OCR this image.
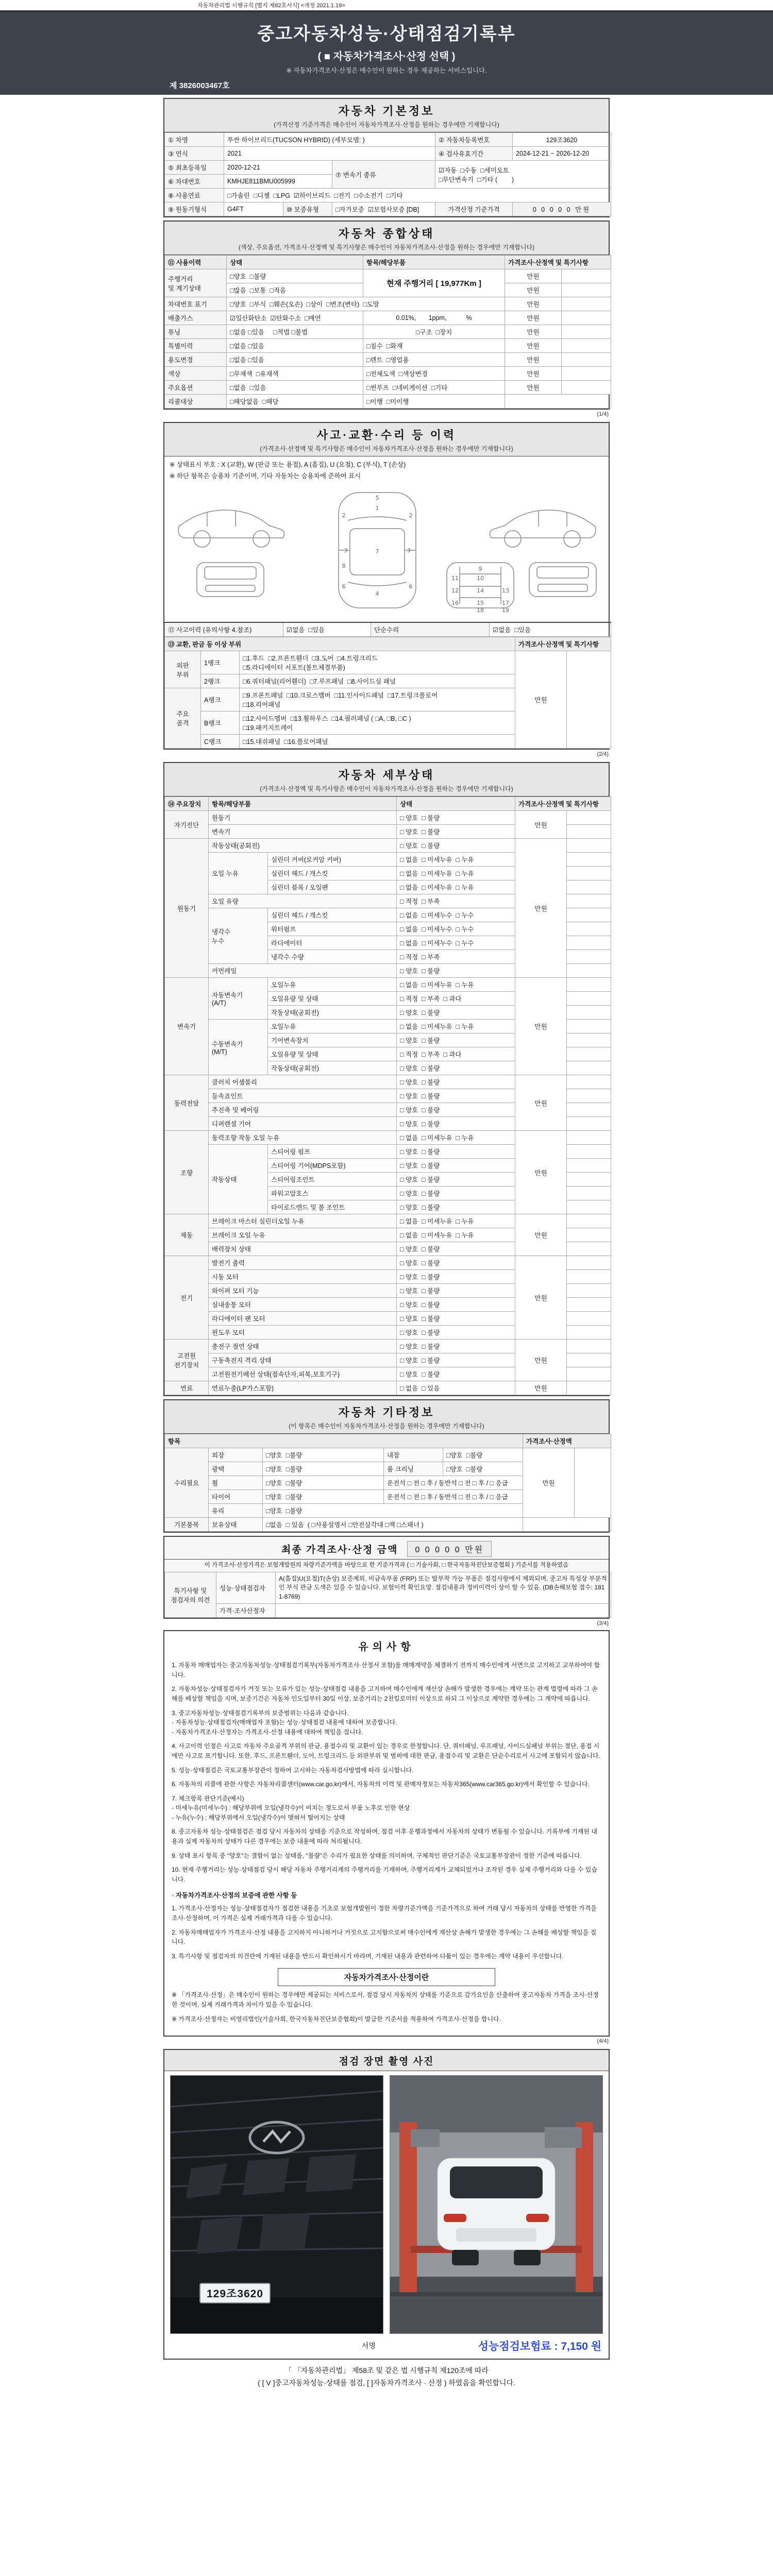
자동차관리법 시행규칙 [별지 제82호서식] <개정 2021.1.19>
중고자동차성능·상태점검기록부
( ■ 자동차가격조사·산정 선택 )
※ 자동차가격조사·산정은 매수인이 원하는 경우 제공하는 서비스입니다.
제 3826003467호
자동차 기본정보
(가격산정 기준가격은 매수인이 자동차가격조사·산정을 원하는 경우에만 기재합니다)
① 차명	투싼 하이브리드(TUCSON HYBRID) (세부모델: )			② 자동차등록번호	129조3620
③ 연식	2021			④ 검사유효기간	2024-12-21 ~ 2026-12-20
⑤ 최초등록일	2020-12-21		⑦ 변속기 종류	☑자동  □수동  □세미오토
□무단변속기  □기타 (        )	
⑥ 차대번호	KMHJE811BMU005999				
⑧ 사용연료	□가솔린  □디젤  □LPG  ☑하이브리드  □전기  □수소전기  □기타				
⑨ 원동기형식	G4FT	⑩ 보증유형	□자가보증  ☑보험사보증 [DB]	가격산정 기준가격	0 0 0 0 0 만원
자동차 종합상태
(색상, 주요옵션, 가격조사·산정액 및 특기사항은 매수인이 자동차가격조사·산정을 원하는 경우에만 기재합니다)
⑪ 사용이력	상태	항목/해당부품	가격조사·산정액 및 특기사항	
주행거리
및 계기상태	□양호  □불량	현재 주행거리 [ 19,977Km ]	만원	
	□많음  □보통  □적음		만원	
차대번호 표기	□양호  □부식  □훼손(오손)  □상이  □변조(변타)  □도말		만원	
배출가스	☑일산화탄소  ☑탄화수소  □매연	0.01%,       1ppm,           %	만원	
튜닝	□없음 □있음     □적법 □불법	□구조  □장치	만원	
특별이력	□없음 □있음	□침수  □화재	만원	
용도변경	□없음 □있음	□렌트  □영업용	만원	
색상	□무채색  □유채색	□전체도색  □색상변경	만원	
주요옵션	□없음  □있음	□썬루프  □네비게이션  □기타	만원	
리콜대상	□해당없음  □해당	□이행  □미이행		
(1/4)
사고·교환·수리 등 이력
(가격조사·산정액 및 특기사항은 매수인이 자동차가격조사·산정을 원하는 경우에만 기재합니다)
※ 상태표시 부호 : X (교환), W (판금 또는 용접), A (흠집), U (요철), C (부식), T (손상)
※ 하단 항목은 승용차 기준이며, 기타 자동차는 승용차에 준하여 표시
1
2	2
3	3
4
7
6	6
5
8	9
10
11
12	13
14
15
16	17
18	19
⑫ 사고이력 (유의사항 4.참조)	☑없음  □있음	단순수리	☑없음  □있음
⑬ 교환, 판금 등 이상 부위			가격조사·산정액 및 특기사항	
외판
부위	1랭크	□1.후드  □2.프론트휀더  □3.도어  □4.트렁크리드
□5.라디에이터 서포트(볼트체결부품)	만원	
	2랭크	□6.쿼터패널(리어휀더)  □7.루프패널  □8.사이드실 패널		
주요
골격	A랭크	□9.프론트패널  □10.크로스멤버  □11.인사이드패널  □17.트렁크플로어
□18.리어패널		
	B랭크	□12.사이드멤버  □13.휠하우스  □14.필러패널 ( □A, □B, □C )
□19.패키지트레이		
	C랭크	□15.대쉬패널  □16.플로어패널		
(2/4)
자동차 세부상태
(가격조사·산정액 및 특기사항은 매수인이 자동차가격조사·산정을 원하는 경우에만 기재합니다)
⑭ 주요장치	항목/해당부품		상태	가격조사·산정액 및 특기사항	
자기진단	원동기		□ 양호  □ 불량	만원	
	변속기		□ 양호  □ 불량		
원동기	작동상태(공회전)		□ 양호  □ 불량	만원	
	오일 누유	실린더 커버(로커암 커버)	□ 없음  □ 미세누유  □ 누유		
		실린더 헤드 / 개스킷	□ 없음  □ 미세누유  □ 누유		
		실린더 블록 / 오일팬	□ 없음  □ 미세누유  □ 누유		
	오일 유량		□ 적정  □ 부족		
	냉각수
누수	실린더 헤드 / 개스킷	□ 없음  □ 미세누수  □ 누수		
		워터펌프	□ 없음  □ 미세누수  □ 누수		
		라디에이터	□ 없음  □ 미세누수  □ 누수		
		냉각수 수량	□ 적정  □ 부족		
	커먼레일		□ 양호  □ 불량		
변속기	자동변속기
(A/T)	오일누유	□ 없음  □ 미세누유  □ 누유	만원	
		오일유량 및 상태	□ 적정  □ 부족  □ 과다		
		작동상태(공회전)	□ 양호  □ 불량		
	수동변속기
(M/T)	오일누유	□ 없음  □ 미세누유  □ 누유		
		기어변속장치	□ 양호  □ 불량		
		오일유량 및 상태	□ 적정  □ 부족  □ 과다		
		작동상태(공회전)	□ 양호  □ 불량		
동력전달	클러치 어셈블리		□ 양호  □ 불량	만원	
	등속죠인트		□ 양호  □ 불량		
	추진축 및 베어링		□ 양호  □ 불량		
	디퍼렌셜 기어		□ 양호  □ 불량		
조향	동력조향 작동 오일 누유		□ 없음  □ 미세누유  □ 누유	만원	
	작동상태	스티어링 펌프	□ 양호  □ 불량		
		스티어링 기어(MDPS포함)	□ 양호  □ 불량		
		스티어링조인트	□ 양호  □ 불량		
		파워고압호스	□ 양호  □ 불량		
		타이로드엔드 및 볼 조인트	□ 양호  □ 불량		
제동	브레이크 마스터 실린더오일 누유		□ 없음  □ 미세누유  □ 누유	만원	
	브레이크 오일 누유		□ 없음  □ 미세누유  □ 누유		
	배력장치 상태		□ 양호  □ 불량		
전기	발전기 출력		□ 양호  □ 불량	만원	
	시동 모터		□ 양호  □ 불량		
	와이퍼 모터 기능		□ 양호  □ 불량		
	실내송풍 모터		□ 양호  □ 불량		
	라디에이터 팬 모터		□ 양호  □ 불량		
	윈도우 모터		□ 양호  □ 불량		
고전원
전기장치	충전구 절연 상태		□ 양호  □ 불량	만원	
	구동축전지 격리 상태		□ 양호  □ 불량		
	고전원전기배선 상태(접속단자,피복,보호기구)		□ 양호  □ 불량		
연료	연료누출(LP가스포함)		□ 없음  □ 있음	만원	
자동차 기타정보
(이 항목은 매수인이 자동차가격조사·산정을 원하는 경우에만 기재합니다)
항목					가격조사·산정액	
수리필요	외장	□양호  □불량	내장	□양호  □불량	만원	
	광택	□양호  □불량	룸 크리닝	□양호  □불량		
	휠	□양호  □불량	운전석 □ 전 □ 후 / 동반석 □ 전 □ 후 / □ 응급			
	타이어	□양호  □불량	운전석 □ 전 □ 후 / 동반석 □ 전 □ 후 / □ 응급			
	유리	□양호  □불량				
기본품목	보유상태	□없음  □ 있음  ( □사용설명서 □안전삼각대 □잭 □스패너 )				
최종 가격조사·산정 금액	0 0 0 0 0 만원
이 가격조사·산정가격은 보험개발원의 차량기준가액을 바탕으로 한 기준가격과 ( □ 기술사회, □ 한국자동차진단보증협회 ) 기준서를 적용하였음
특기사항 및
점검자의 의견	성능·상태점검자	A(흠집)U(요철)T(손상) 보증제외, 비금속부품 (FRP) 또는 탈부착 가능 부품은 점검사항에서 제외되며, 중고차 특성상 부분적인 부식 판금 도색은 있을 수 있습니다. 보험이력 확인요망. 점검내용과 정비이력이 상이 할 수 있음. (DB손해보험 접수: 1811-8769)
	가격·조사산정자	
(3/4)
유의사항
1. 자동차 매매업자는 중고자동차성능·상태점검기록부(자동차가격조사·산정서 포함)를 매매계약을 체결하기 전까지 매수인에게 서면으로 고지하고 교부하여야 합니다.
2. 자동차성능·상태점검자가 거짓 또는 오류가 있는 성능·상태점검 내용을 고지하여 매수인에게 재산상 손해가 발생한 경우에는 계약 또는 관계 법령에 따라 그 손해를 배상할 책임을 지며, 보증기간은 자동차 인도일부터 30일 이상, 보증거리는 2천킬로미터 이상으로 하되 그 이상으로 계약한 경우에는 그 계약에 따릅니다.
3. 중고자동차성능·상태점검기록부의 보증범위는 다음과 같습니다.
- 자동차성능·상태점검자(매매업자 포함)는 성능·상태점검 내용에 대하여 보증합니다.
- 자동차가격조사·산정자는 가격조사·산정 내용에 대하여 책임을 집니다.
4. 사고이력 인정은 사고로 자동차 주요골격 부위의 판금, 용접수리 및 교환이 있는 경우로 한정합니다. 단, 쿼터패널, 루프패널, 사이드실패널 부위는 절단, 용접 시에만 사고로 표기합니다. 또한, 후드, 프론트휀더, 도어, 트렁크리드 등 외판부위 및 범퍼에 대한 판금, 용접수리 및 교환은 단순수리로서 사고에 포함되지 않습니다.
5. 성능·상태점검은 국토교통부장관이 정하여 고시하는 자동차검사방법에 따라 실시합니다.
6. 자동차의 리콜에 관한 사항은 자동차리콜센터(www.car.go.kr)에서, 자동차의 이력 및 판매자정보는 자동차365(www.car365.go.kr)에서 확인할 수 있습니다.
7. 체크항목 판단기준(예시)
- 미세누유(미세누수) : 해당부위에 오일(냉각수)이 비치는 정도로서 부품 노후로 인한 현상
- 누유(누수) : 해당부위에서 오일(냉각수)이 맺혀서 떨어지는 상태
8. 중고자동차 성능·상태점검은 점검 당시 자동차의 상태를 기준으로 작성하며, 점검 이후 운행과정에서 자동차의 상태가 변동될 수 있습니다. 기록부에 기재된 내용과 실제 자동차의 상태가 다른 경우에는 보증 내용에 따라 처리됩니다.
9. 상태 표시 항목 중 "양호"는 결함이 없는 상태를, "불량"은 수리가 필요한 상태를 의미하며, 구체적인 판단기준은 국토교통부장관이 정한 기준에 따릅니다.
10. 현재 주행거리는 성능·상태점검 당시 해당 자동차 주행거리계의 주행거리를 기재하며, 주행거리계가 교체되었거나 조작된 경우 실제 주행거리와 다를 수 있습니다.
◦ 자동차가격조사·산정의 보증에 관한 사항 등
1. 가격조사·산정자는 성능·상태점검자가 점검한 내용을 기초로 보험개발원이 정한 차량기준가액을 기준가격으로 하여 거래 당시 자동차의 상태를 반영한 가격을 조사·산정하며, 이 가격은 실제 거래가격과 다를 수 있습니다.
2. 자동차매매업자가 가격조사·산정 내용을 고지하지 아니하거나 거짓으로 고지함으로써 매수인에게 재산상 손해가 발생한 경우에는 그 손해를 배상할 책임을 집니다.
3. 특기사항 및 점검자의 의견란에 기재된 내용을 반드시 확인하시기 바라며, 기재된 내용과 관련하여 다툼이 있는 경우에는 계약 내용이 우선합니다.
자동차가격조사·산정이란
※ 「가격조사·산정」은 매수인이 원하는 경우에만 제공되는 서비스로서, 점검 당시 자동차의 상태를 기준으로 감가요인을 산출하여 중고자동차 가격을 조사·산정한 것이며, 실제 거래가격과 차이가 있을 수 있습니다.
※ 가격조사·산정자는 비영리법인(기술사회, 한국자동차진단보증협회)이 발급한 기준서를 적용하여 가격조사·산정을 합니다.
(4/4)
점검 장면 촬영 사진
129조3620
서명	성능점검보험료 : 7,150 원
「 「자동차관리법」 제58조 및 같은 법 시행규칙 제120조에 따라
( [ V ]중고자동차성능·상태를 점검, [ ]자동차가격조사 · 산정 ) 하였음을 확인합니다.
